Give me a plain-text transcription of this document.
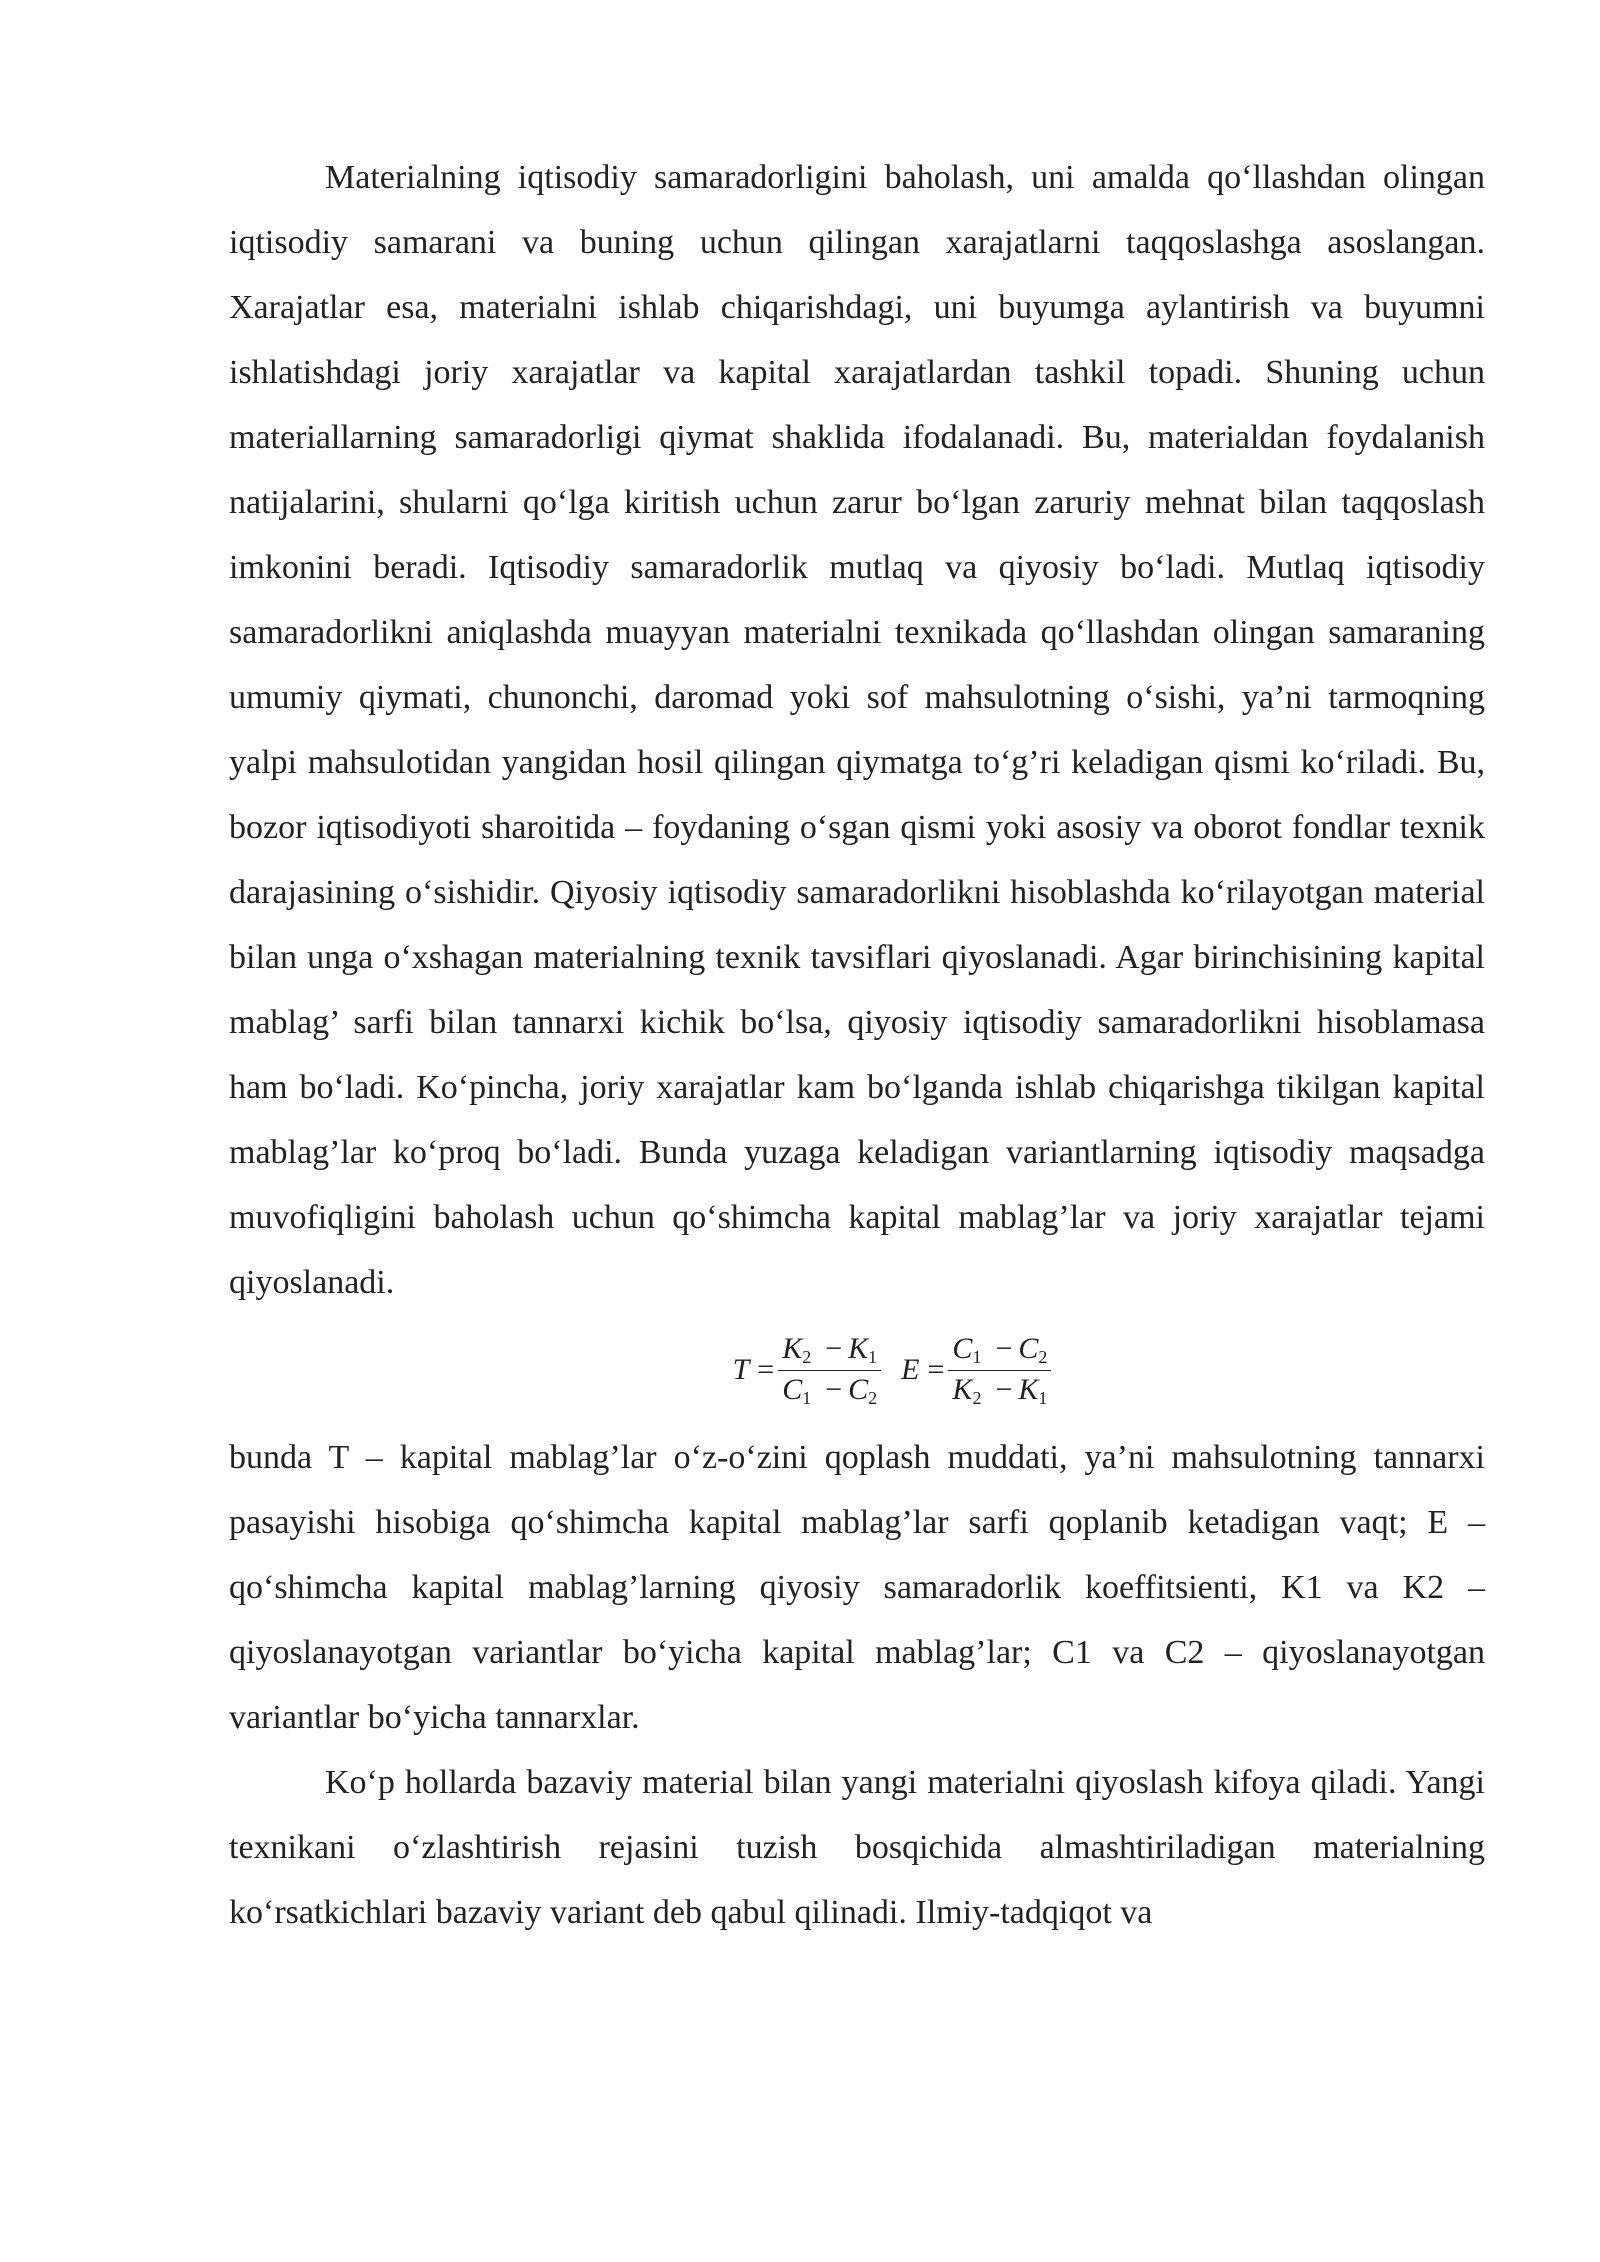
Materialning iqtisodiy samaradorligini baholash, uni amalda qo‘llashdan olingan iqtisodiy samarani va buning uchun qilingan xarajatlarni taqqoslashga asoslangan. Xarajatlar esa, materialni ishlab chiqarishdagi, uni buyumga aylantirish va buyumni ishlatishdagi joriy xarajatlar va kapital xarajatlardan tashkil topadi. Shuning uchun materiallarning samaradorligi qiymat shaklida ifodalanadi. Bu, materialdan foydalanish natijalarini, shularni qo‘lga kiritish uchun zarur bo‘lgan zaruriy mehnat bilan taqqoslash imkonini beradi. Iqtisodiy samaradorlik mutlaq va qiyosiy bo‘ladi. Mutlaq iqtisodiy samaradorlikni aniqlashda muayyan materialni texnikada qo‘llashdan olingan samaraning umumiy qiymati, chunonchi, daromad yoki sof mahsulotning o‘sishi, ya’ni tarmoqning yalpi mahsulotidan yangidan hosil qilingan qiymatga to‘g’ri keladigan qismi ko‘riladi. Bu, bozor iqtisodiyoti sharoitida – foydaning o‘sgan qismi yoki asosiy va oborot fondlar texnik darajasining o‘sishidir. Qiyosiy iqtisodiy samaradorlikni hisoblashda ko‘rilayotgan material bilan unga o‘xshagan materialning texnik tavsiflari qiyoslanadi. Agar birinchisining kapital mablag’ sarfi bilan tannarxi kichik bo‘lsa, qiyosiy iqtisodiy samaradorlikni hisoblamasa ham bo‘ladi. Ko‘pincha, joriy xarajatlar kam bo‘lganda ishlab chiqarishga tikilgan kapital mablag’lar ko‘proq bo‘ladi. Bunda yuzaga keladigan variantlarning iqtisodiy maqsadga muvofiqligini baholash uchun qo‘shimcha kapital mablag’lar va joriy xarajatlar tejami qiyoslanadi.

$T = \frac{K_2 - K_1}{C_1 - C_2}$ $E = \frac{C_1 - C_2}{K_2 - K_1}$

bunda T – kapital mablag’lar o‘z-o‘zini qoplash muddati, ya’ni mahsulotning tannarxi pasayishi hisobiga qo‘shimcha kapital mablag’lar sarfi qoplanib ketadigan vaqt; E – qo‘shimcha kapital mablag’larning qiyosiy samaradorlik koeffitsienti, K1 va K2 – qiyoslanayotgan variantlar bo‘yicha kapital mablag’lar; C1 va C2 – qiyoslanayotgan variantlar bo‘yicha tannarxlar.

Ko‘p hollarda bazaviy material bilan yangi materialni qiyoslash kifoya qiladi. Yangi texnikani o‘zlashtirish rejasini tuzish bosqichida almashtiriladigan materialning ko‘rsatkichlari bazaviy variant deb qabul qilinadi. Ilmiy-tadqiqot va
